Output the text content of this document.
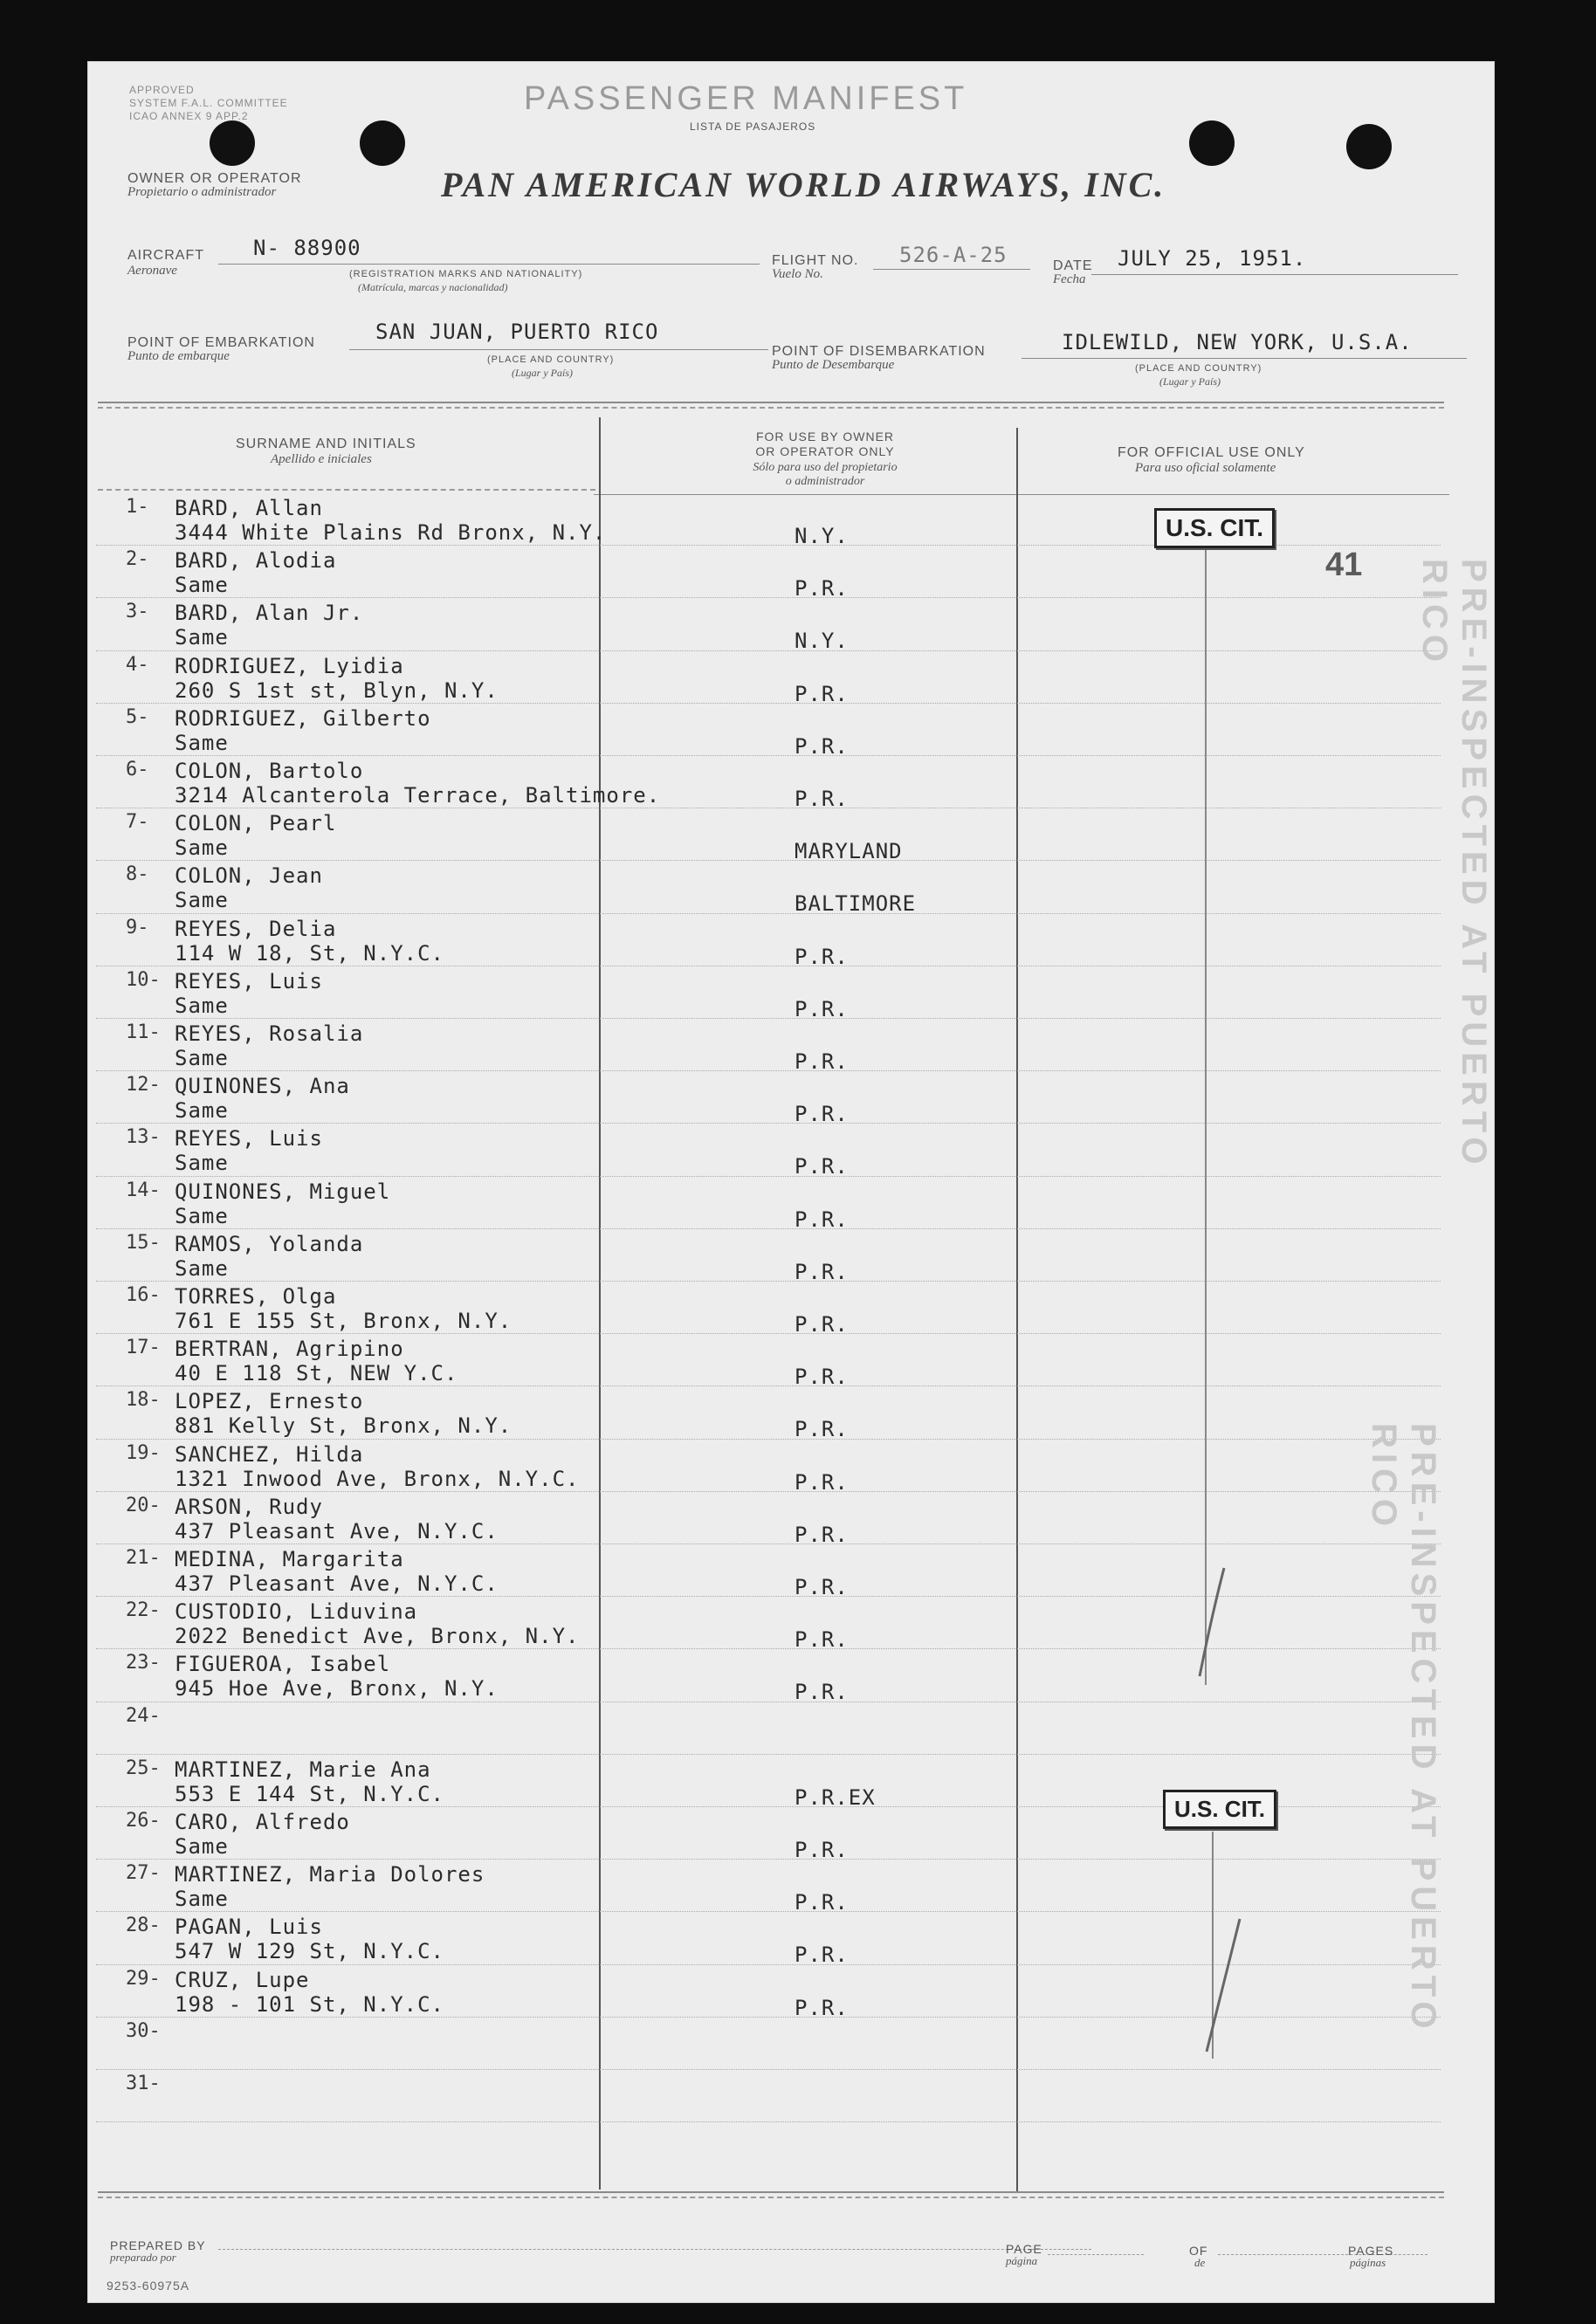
APPROVED
SYSTEM F.A.L. COMMITTEE
ICAO ANNEX 9 APP.2	PASSENGER MANIFEST
LISTA DE PASAJEROS
OWNER OR OPERATOR
Propietario o administrador	PAN AMERICAN WORLD AIRWAYS, INC.
AIRCRAFT
Aeronave
N- 88900
(REGISTRATION MARKS AND NATIONALITY)
(Matrícula, marcas y nacionalidad)
FLIGHT NO.
Vuelo No.
526-A-25	DATE
Fecha
JULY 25, 1951.
POINT OF EMBARKATION
Punto de embarque
SAN JUAN, PUERTO RICO
(PLACE AND COUNTRY)
(Lugar y País)
POINT OF DISEMBARKATION
Punto de Desembarque
IDLEWILD, NEW YORK, U.S.A.
(PLACE AND COUNTRY)
(Lugar y País)
SURNAME AND INITIALS
Apellido e iniciales
FOR USE BY OWNER
OR OPERATOR ONLY
Sólo para uso del propietario
o administrador
FOR OFFICIAL USE ONLY
Para uso oficial solamente
1-	BARD, Allan
3444 White Plains Rd Bronx, N.Y.	N.Y.
2-	BARD, Alodia
Same	P.R.
3-	BARD, Alan Jr.
Same	N.Y.
4-	RODRIGUEZ, Lyidia
260 S 1st st, Blyn, N.Y.	P.R.
5-	RODRIGUEZ, Gilberto
Same	P.R.
6-	COLON, Bartolo
3214 Alcanterola Terrace, Baltimore.	P.R.
7-	COLON, Pearl
Same	MARYLAND
8-	COLON, Jean
Same	BALTIMORE
9-	REYES, Delia
114 W 18, St, N.Y.C.	P.R.
10- REYES, Luis
Same	P.R.
11- REYES, Rosalia
Same	P.R.
12- QUINONES, Ana
Same	P.R.
13- REYES, Luis
Same	P.R.
14- QUINONES, Miguel
Same	P.R.
15- RAMOS, Yolanda
Same	P.R.
16- TORRES, Olga
761 E 155 St, Bronx, N.Y.	P.R.
17- BERTRAN, Agripino
40 E 118 St, NEW Y.C.	P.R.
18- LOPEZ, Ernesto
881 Kelly St, Bronx, N.Y.	P.R.
19- SANCHEZ, Hilda
1321 Inwood Ave, Bronx, N.Y.C.	P.R.
20- ARSON, Rudy
437 Pleasant Ave, N.Y.C.	P.R.
21- MEDINA, Margarita
437 Pleasant Ave, N.Y.C.	P.R.
22- CUSTODIO, Liduvina
2022 Benedict Ave, Bronx, N.Y.	P.R.
23- FIGUEROA, Isabel
945 Hoe Ave, Bronx, N.Y.	P.R.
24-
25- MARTINEZ, Marie Ana
553 E 144 St, N.Y.C.	P.R.EX
26- CARO, Alfredo
Same	P.R.
27- MARTINEZ, Maria Dolores
Same	P.R.
28- PAGAN, Luis
547 W 129 St, N.Y.C.	P.R.
29- CRUZ, Lupe
198 - 101 St, N.Y.C.	P.R.
30-
31-
U.S. CIT.
41
U.S. CIT.
PRE-INSPECTED AT PUERTO RICO
PRE-INSPECTED AT PUERTO RICO
PREPARED BY
preparado por
PAGE
página
OF
de
PAGES
páginas
9253-60975A
